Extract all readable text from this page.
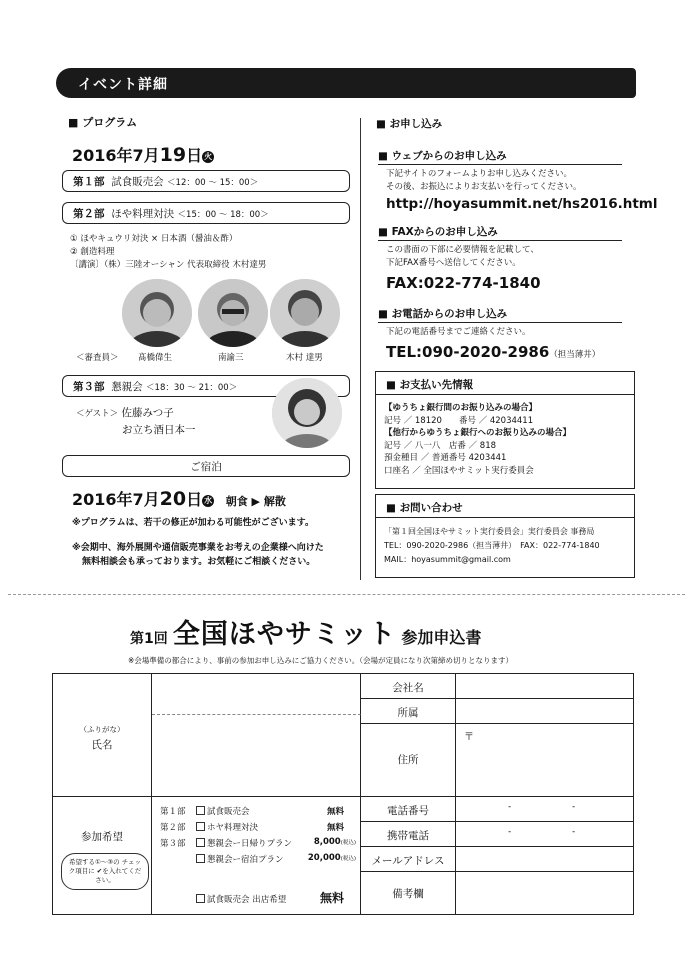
イベント詳細
■ プログラム
2016年7月19日 火
第１部 試食販売会 ＜12：00 ～ 15：00＞
第２部 ほや料理対決 ＜15：00 ～ 18：00＞
① ほやキュウリ対決 × 日本酒（醤油＆酢）
② 創造料理
〔講演〕（株）三陸オーシャン 代表取締役 木村達男
＜審査員＞ 髙橋偉生	南諭三	木村 達男
第３部 懇親会 ＜18：30 ～ 21：00＞
＜ゲスト＞ 佐藤みつ子
お立ち酒日本一
ご宿泊
2016年7月20日 水 朝食 ▶ 解散
※プログラムは、若干の修正が加わる可能性がございます。
※会期中、海外展開や通信販売事業をお考えの企業様へ向けた
無料相談会も承っております。お気軽にご相談ください。
■ お申し込み
■ ウェブからのお申し込み
下記サイトのフォームよりお申し込みください。
その後、お振込によりお支払いを行ってください。
http://hoyasummit.net/hs2016.html
■ FAXからのお申し込み
この書面の下部に必要情報を記載して、
下記FAX番号へ送信してください。
FAX:022-774-1840
■ お電話からのお申し込み
下記の電話番号までご連絡ください。
TEL:090-2020-2986（担当薄井）
■ お支払い先情報
【ゆうちょ銀行間のお振り込みの場合】
記号 ／ 18120　　番号 ／ 42034411
【他行からゆうちょ銀行へのお振り込みの場合】
記号 ／ 八一八　店番 ／ 818
預金種目 ／ 普通番号 4203441
口座名 ／ 全国ほやサミット実行委員会
■ お問い合わせ
「第１回全国ほやサミット実行委員会」実行委員会 事務局
TEL：090-2020-2986（担当薄井）　FAX：022-774-1840
MAIL：hoyasummit@gmail.com
第1回 全国ほやサミット 参加申込書
※会場準備の都合により、事前の参加お申し込みにご協力ください。（会場が定員になり次第締め切りとなります）
（ふりがな）
氏名
会社名
所属
住所
〒
参加希望
希望する①～③の チェック項目に ✔を入れてください。
第１部	試食販売会	無料
第２部	ホヤ料理対決	無料
第３部	懇親会ー日帰りプラン	8,000(税込)
懇親会ー宿泊プラン	20,000(税込)
試食販売会 出店希望	無料
電話番号	-	-
携帯電話	-	-
メールアドレス
備考欄
